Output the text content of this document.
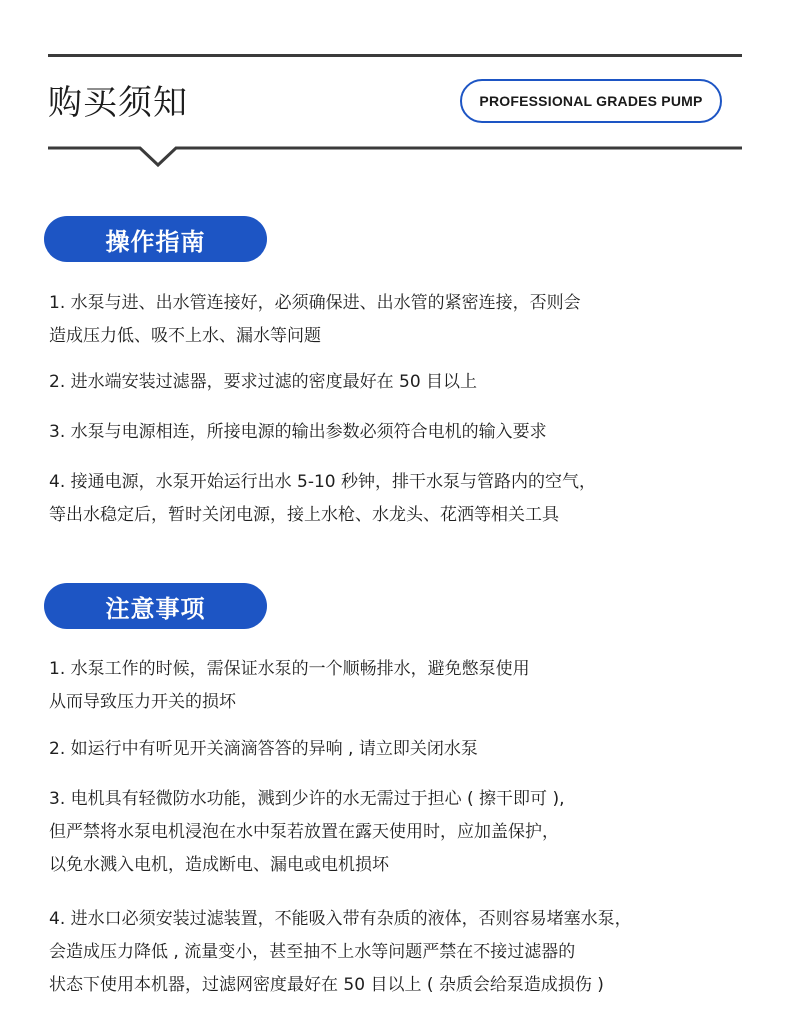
购买须知	PROFESSIONAL GRADES PUMP
操作指南
1. 水泵与进、出水管连接好，必须确保进、出水管的紧密连接，否则会
造成压力低、吸不上水、漏水等问题
2. 进水端安装过滤器，要求过滤的密度最好在 50 目以上
3. 水泵与电源相连，所接电源的输出参数必须符合电机的输入要求
4. 接通电源，水泵开始运行出水 5-10 秒钟，排干水泵与管路内的空气，
等出水稳定后，暂时关闭电源，接上水枪、水龙头、花洒等相关工具
注意事项
1. 水泵工作的时候，需保证水泵的一个顺畅排水，避免憋泵使用
从而导致压力开关的损坏
2. 如运行中有听见开关滴滴答答的异响 , 请立即关闭水泵
3. 电机具有轻微防水功能，溅到少许的水无需过于担心 ( 擦干即可 ),
但严禁将水泵电机浸泡在水中泵若放置在露天使用时，应加盖保护，
以免水溅入电机，造成断电、漏电或电机损坏
4. 进水口必须安装过滤装置，不能吸入带有杂质的液体，否则容易堵塞水泵，
会造成压力降低 , 流量变小，甚至抽不上水等问题严禁在不接过滤器的
状态下使用本机器，过滤网密度最好在 50 目以上 ( 杂质会给泵造成损伤 )
